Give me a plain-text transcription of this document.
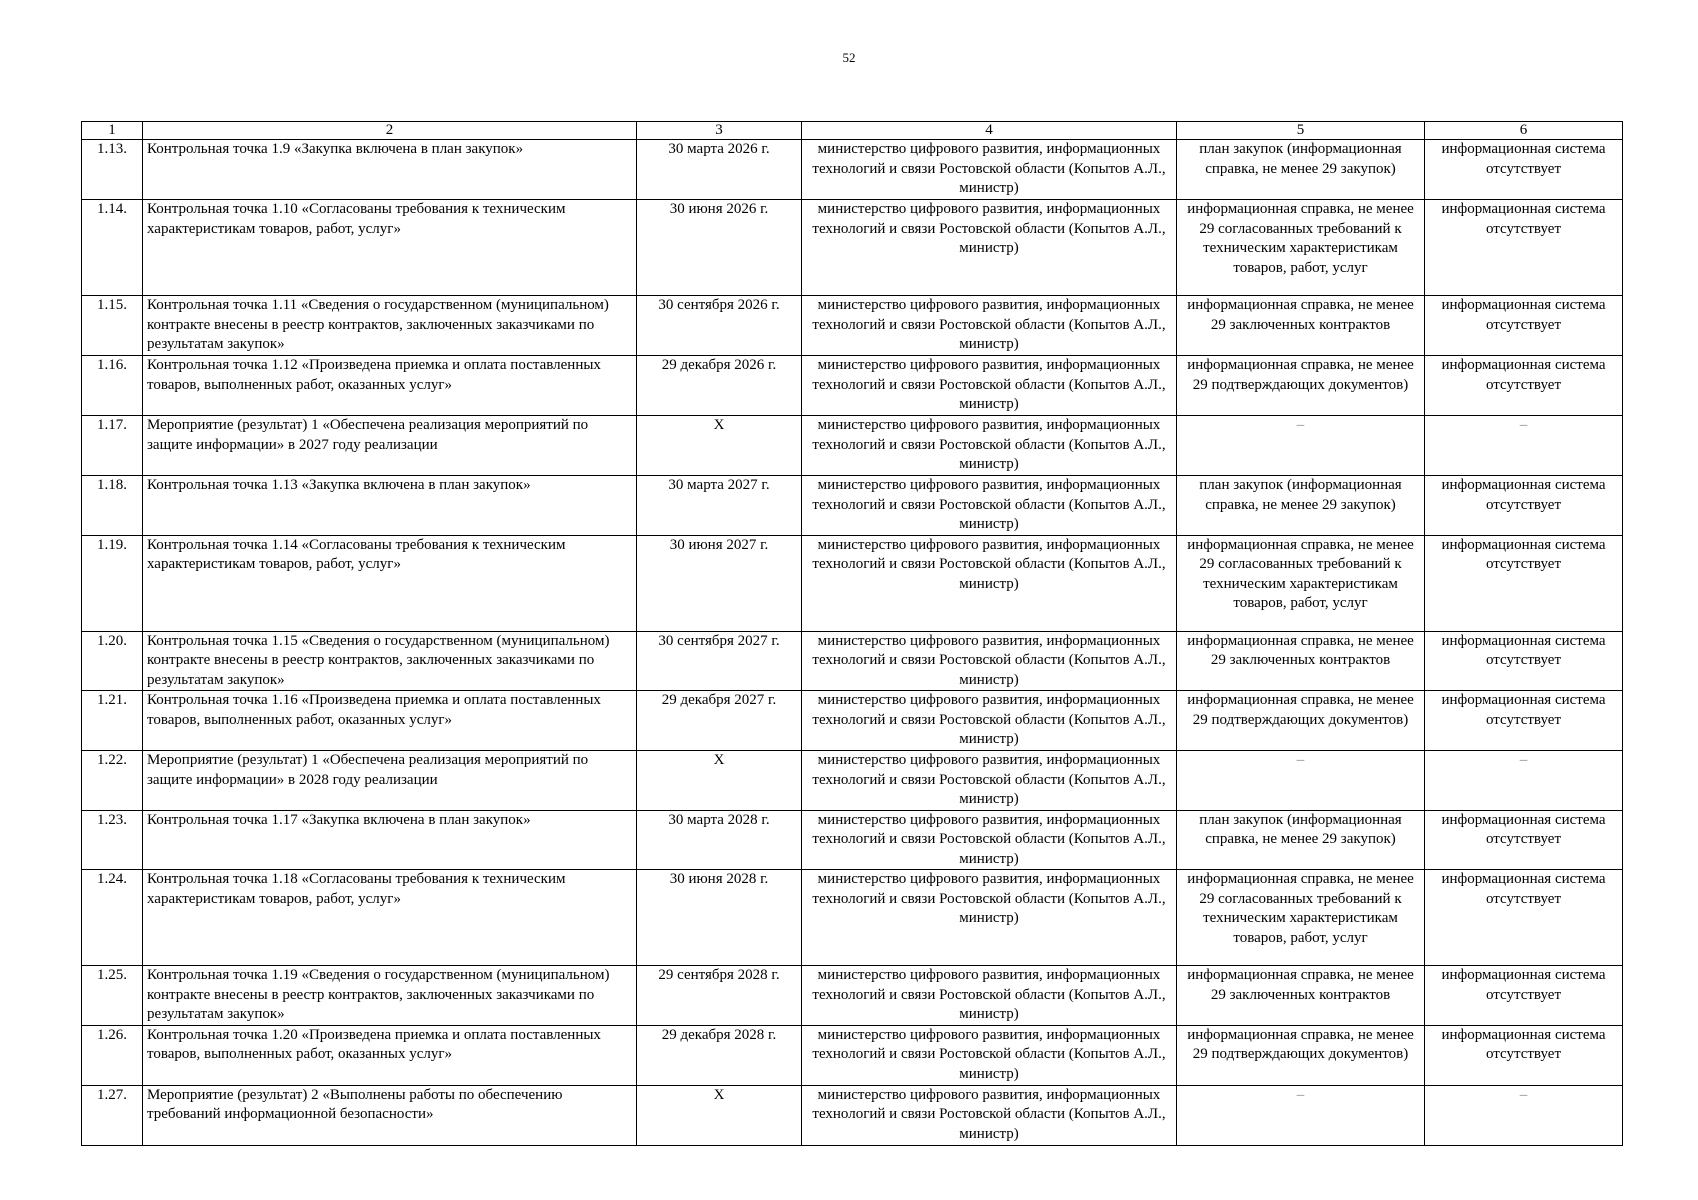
52
1	2	3	4	5	6
1.13.	Контрольная точка 1.9 «Закупка включена в план закупок»	30 марта 2026 г.	министерство цифрового развития, информационных технологий и связи Ростовской области (Копытов А.Л., министр)	план закупок (информационная справка, не менее 29 закупок)	информационная система отсутствует
1.14.	Контрольная точка 1.10 «Согласованы требования к техническим характеристикам товаров, работ, услуг»	30 июня 2026 г.	министерство цифрового развития, информационных технологий и связи Ростовской области (Копытов А.Л., министр)	информационная справка, не менее 29 согласованных требований к техническим характеристикам товаров, работ, услуг	информационная система отсутствует
1.15.	Контрольная точка 1.11 «Сведения о государственном (муниципальном) контракте внесены в реестр контрактов, заключенных заказчиками по результатам закупок»	30 сентября 2026 г.	министерство цифрового развития, информационных технологий и связи Ростовской области (Копытов А.Л., министр)	информационная справка, не менее 29 заключенных контрактов	информационная система отсутствует
1.16.	Контрольная точка 1.12 «Произведена приемка и оплата поставленных товаров, выполненных работ, оказанных услуг»	29 декабря 2026 г.	министерство цифрового развития, информационных технологий и связи Ростовской области (Копытов А.Л., министр)	информационная справка, не менее 29 подтверждающих документов)	информационная система отсутствует
1.17.	Мероприятие (результат) 1 «Обеспечена реализация мероприятий по защите информации» в 2027 году реализации	Х	министерство цифрового развития, информационных технологий и связи Ростовской области (Копытов А.Л., министр)	–	–
1.18.	Контрольная точка 1.13 «Закупка включена в план закупок»	30 марта 2027 г.	министерство цифрового развития, информационных технологий и связи Ростовской области (Копытов А.Л., министр)	план закупок (информационная справка, не менее 29 закупок)	информационная система отсутствует
1.19.	Контрольная точка 1.14 «Согласованы требования к техническим характеристикам товаров, работ, услуг»	30 июня 2027 г.	министерство цифрового развития, информационных технологий и связи Ростовской области (Копытов А.Л., министр)	информационная справка, не менее 29 согласованных требований к техническим характеристикам товаров, работ, услуг	информационная система отсутствует
1.20.	Контрольная точка 1.15 «Сведения о государственном (муниципальном) контракте внесены в реестр контрактов, заключенных заказчиками по результатам закупок»	30 сентября 2027 г.	министерство цифрового развития, информационных технологий и связи Ростовской области (Копытов А.Л., министр)	информационная справка, не менее 29 заключенных контрактов	информационная система отсутствует
1.21.	Контрольная точка 1.16 «Произведена приемка и оплата поставленных товаров, выполненных работ, оказанных услуг»	29 декабря 2027 г.	министерство цифрового развития, информационных технологий и связи Ростовской области (Копытов А.Л., министр)	информационная справка, не менее 29 подтверждающих документов)	информационная система отсутствует
1.22.	Мероприятие (результат) 1 «Обеспечена реализация мероприятий по защите информации» в 2028 году реализации	Х	министерство цифрового развития, информационных технологий и связи Ростовской области (Копытов А.Л., министр)	–	–
1.23.	Контрольная точка 1.17 «Закупка включена в план закупок»	30 марта 2028 г.	министерство цифрового развития, информационных технологий и связи Ростовской области (Копытов А.Л., министр)	план закупок (информационная справка, не менее 29 закупок)	информационная система отсутствует
1.24.	Контрольная точка 1.18 «Согласованы требования к техническим характеристикам товаров, работ, услуг»	30 июня 2028 г.	министерство цифрового развития, информационных технологий и связи Ростовской области (Копытов А.Л., министр)	информационная справка, не менее 29 согласованных требований к техническим характеристикам товаров, работ, услуг	информационная система отсутствует
1.25.	Контрольная точка 1.19 «Сведения о государственном (муниципальном) контракте внесены в реестр контрактов, заключенных заказчиками по результатам закупок»	29 сентября 2028 г.	министерство цифрового развития, информационных технологий и связи Ростовской области (Копытов А.Л., министр)	информационная справка, не менее 29 заключенных контрактов	информационная система отсутствует
1.26.	Контрольная точка 1.20 «Произведена приемка и оплата поставленных товаров, выполненных работ, оказанных услуг»	29 декабря 2028 г.	министерство цифрового развития, информационных технологий и связи Ростовской области (Копытов А.Л., министр)	информационная справка, не менее 29 подтверждающих документов)	информационная система отсутствует
1.27.	Мероприятие (результат) 2 «Выполнены работы по обеспечению требований информационной безопасности»	Х	министерство цифрового развития, информационных технологий и связи Ростовской области (Копытов А.Л., министр)	–	–
